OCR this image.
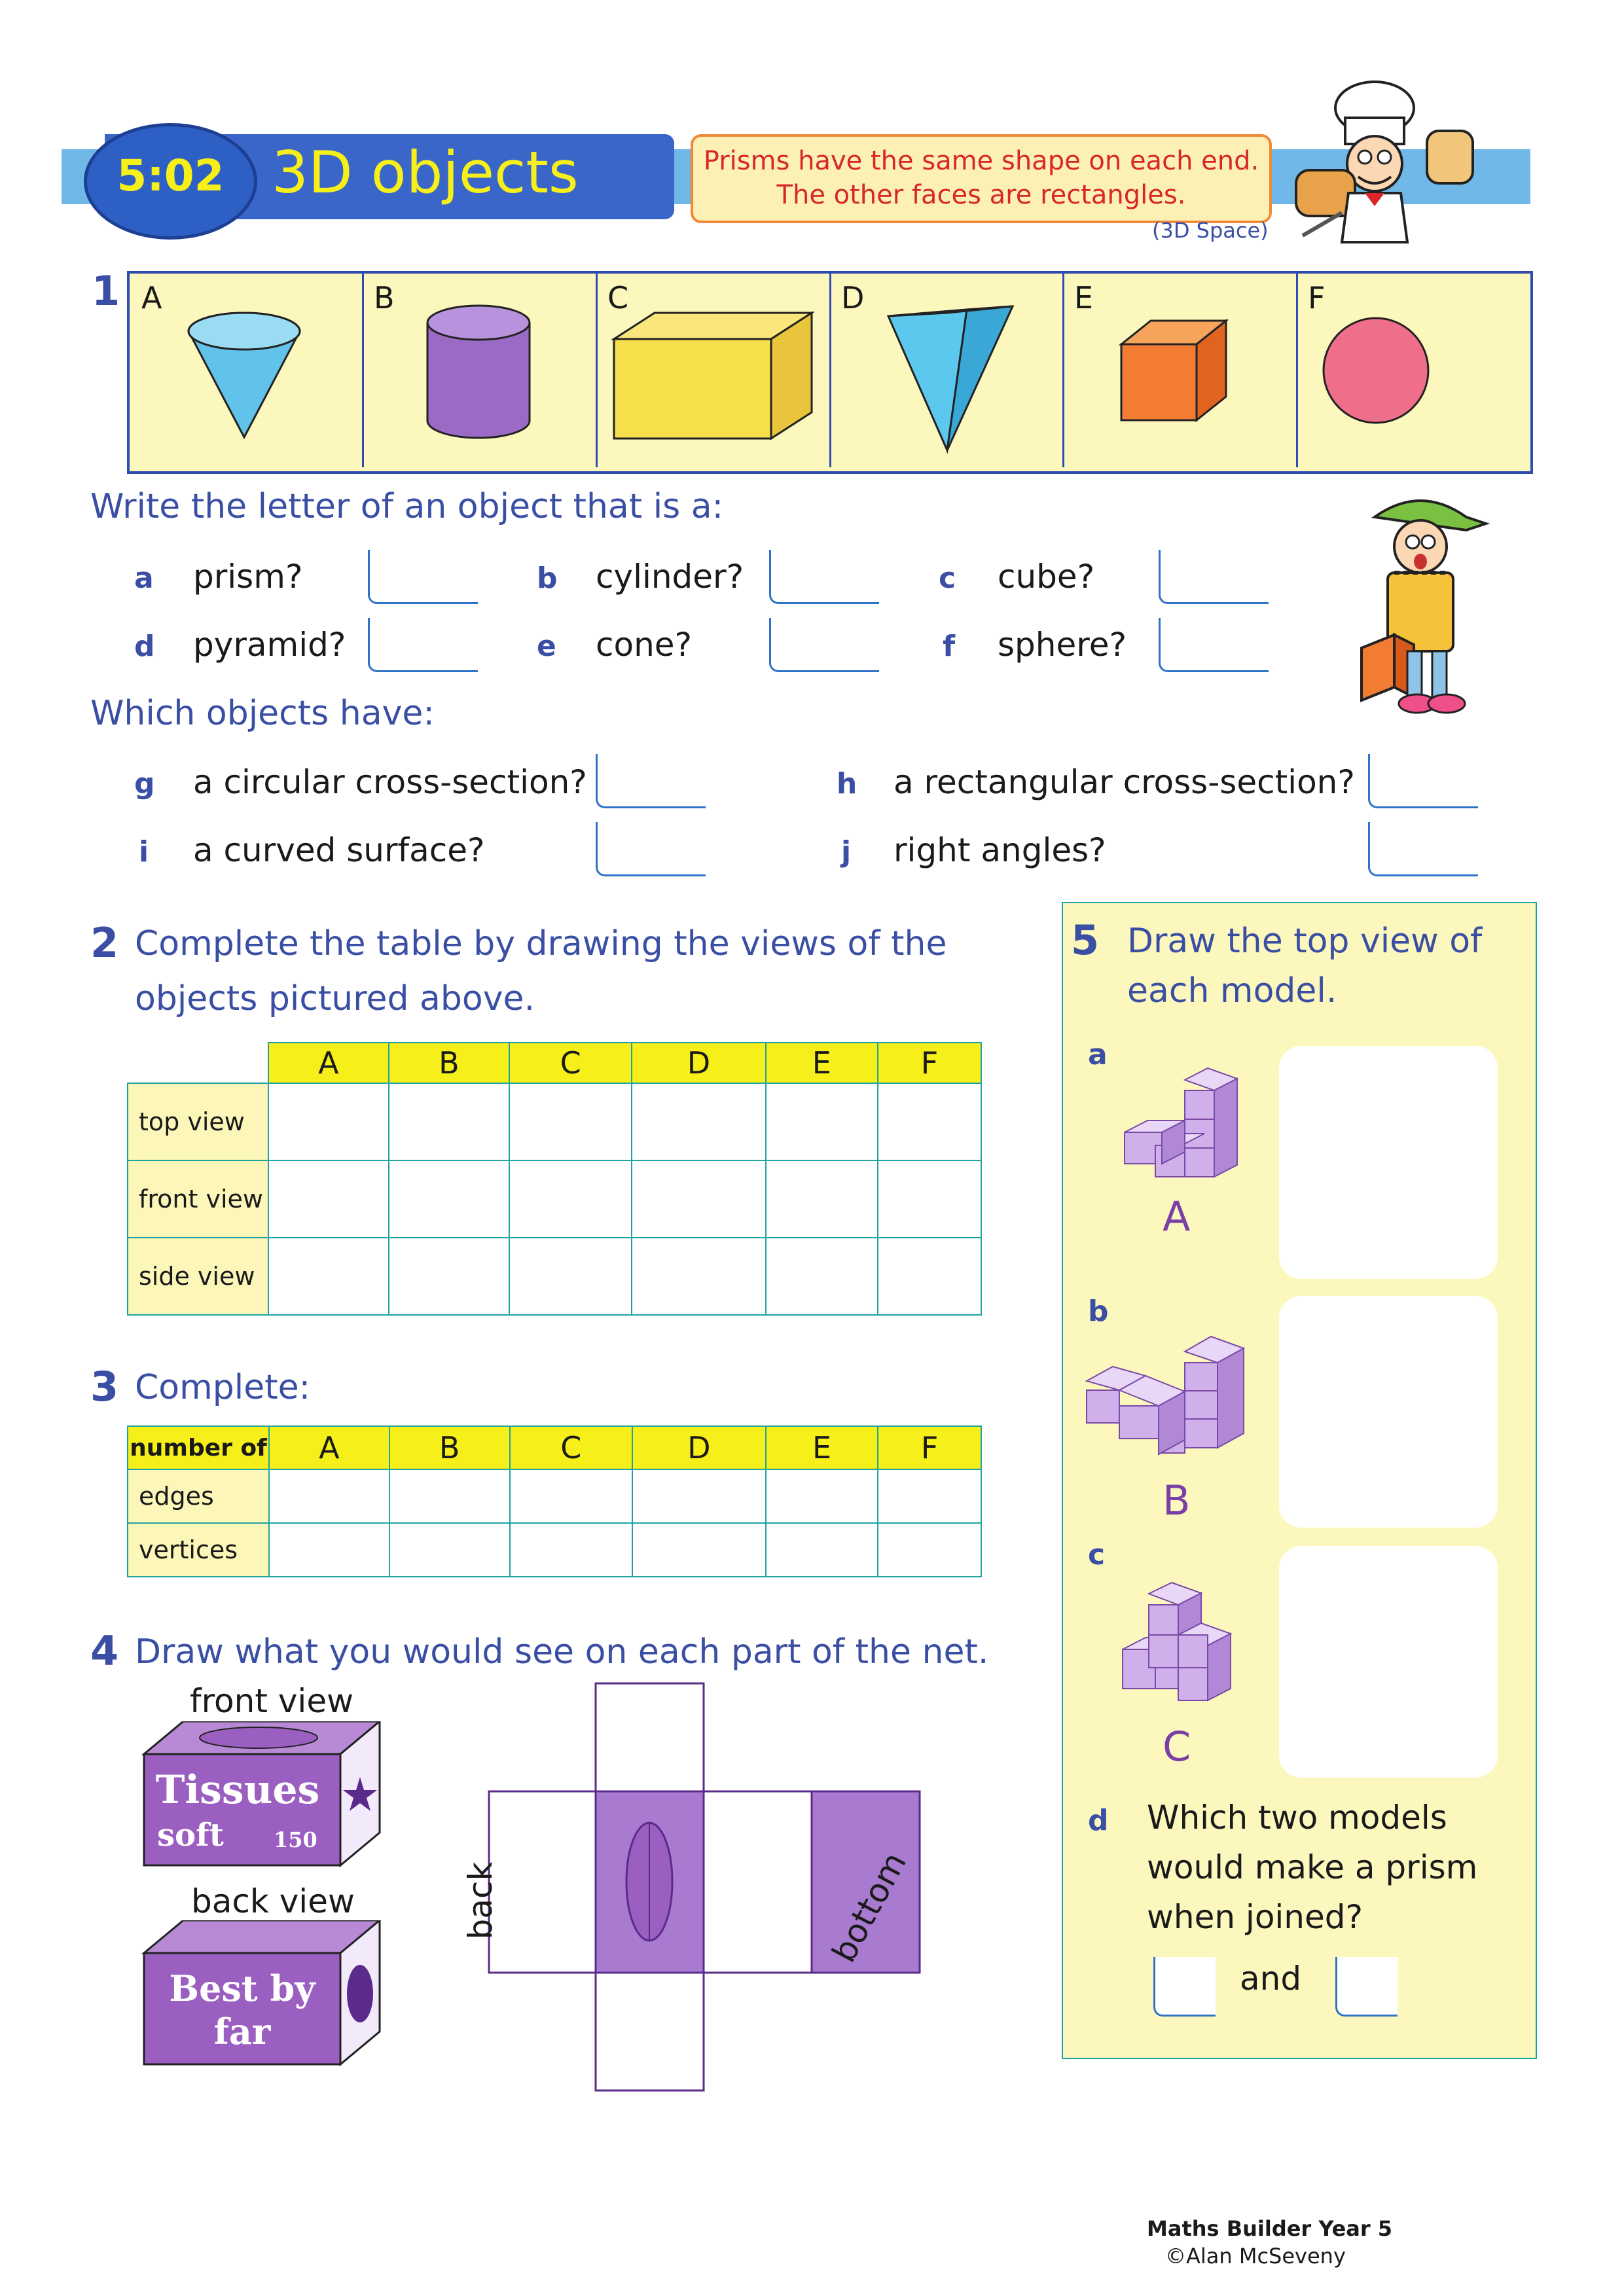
5:02 3D objects	Prisms have the same shape on each end.
The other faces are rectangles.
(3D Space)
1 A	B	C	D	E	F
Write the letter of an object that is a:
a prism?	b cylinder?	c cube?
d pyramid?	e cone?	f sphere?
Which objects have:
g a circular cross-section?	h a rectangular cross-section?
i a curved surface?	j right angles?
2 Complete the table by drawing the views of the
objects pictured above.
	A	B	C	D	E	F
top view						
front view						
side view						
3 Complete:
number of	A	B	C	D	E	F
edges						
vertices						
4 Draw what you would see on each part of the net.
front view
Tissues
soft 150
back view
Best by
far
back	bottom
5 Draw the top view of
each model.
a
A
b
B
c
C
d Which two models
would make a prism
when joined?
and
Maths Builder Year 5
©Alan McSeveny
